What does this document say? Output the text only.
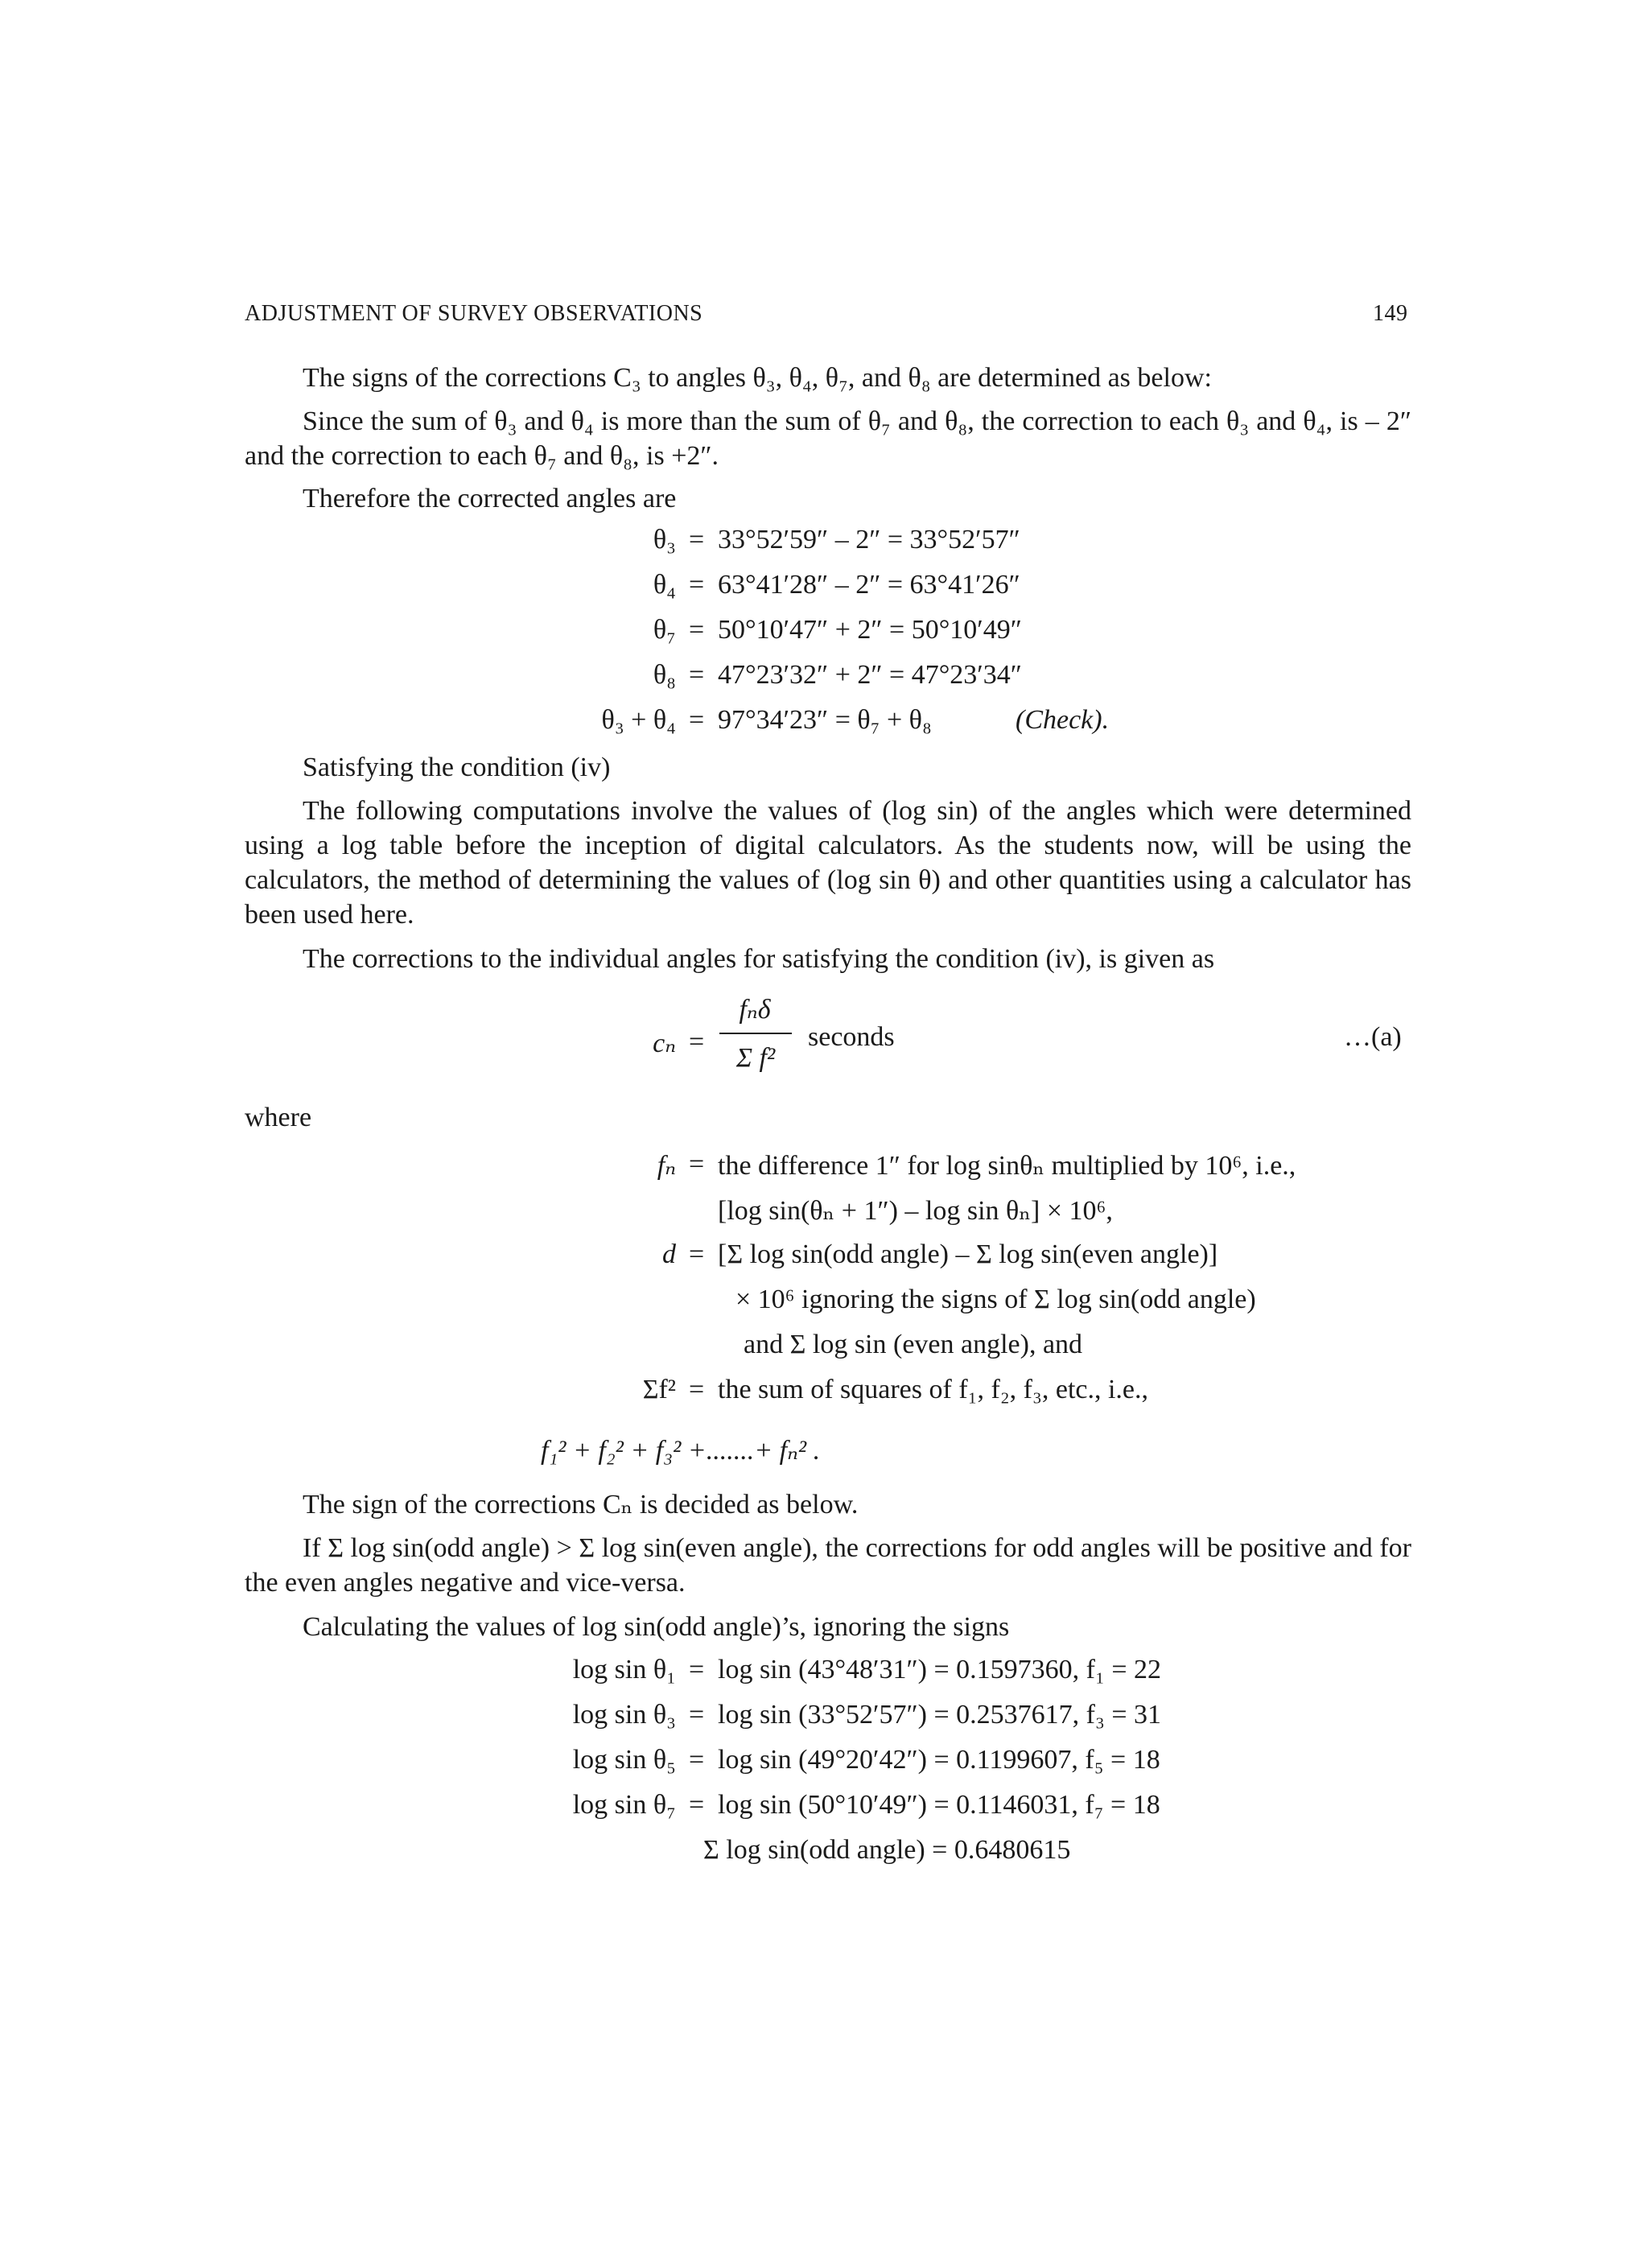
ADJUSTMENT OF SURVEY OBSERVATIONS	149
The signs of the corrections C₃ to angles θ₃, θ₄, θ₇, and θ₈ are determined as below:
Since the sum of θ₃ and θ₄ is more than the sum of θ₇ and θ₈, the correction to each θ₃ and θ₄, is – 2″ and the correction to each θ₇ and θ₈, is +2″.
Therefore the corrected angles are
θ₃ = 33°52′59″ – 2″ = 33°52′57″
θ₄ = 63°41′28″ – 2″ = 63°41′26″
θ₇ = 50°10′47″ + 2″ = 50°10′49″
θ₈ = 47°23′32″ + 2″ = 47°23′34″
θ₃ + θ₄ = 97°34′23″ = θ₇ + θ₈	(Check).
Satisfying the condition (iv)
The following computations involve the values of (log sin) of the angles which were determined using a log table before the inception of digital calculators. As the students now, will be using the calculators, the method of determining the values of (log sin θ) and other quantities using a calculator has been used here.
The corrections to the individual angles for satisfying the condition (iv), is given as
cₙ =
fₙδ
Σ f²
seconds	…(a)
where
fₙ = the difference 1″ for log sinθₙ multiplied by 10⁶, i.e.,
[log sin(θₙ + 1″) – log sin θₙ] × 10⁶,
d = [Σ log sin(odd angle) – Σ log sin(even angle)]
× 10⁶ ignoring the signs of Σ log sin(odd angle)
and Σ log sin (even angle), and
Σf² = the sum of squares of f₁, f₂, f₃, etc., i.e.,
f₁² + f₂² + f₃² +.......+ fₙ² .
The sign of the corrections Cₙ is decided as below.
If Σ log sin(odd angle) > Σ log sin(even angle), the corrections for odd angles will be positive and for the even angles negative and vice-versa.
Calculating the values of log sin(odd angle)’s, ignoring the signs
log sin θ₁ = log sin (43°48′31″) = 0.1597360, f₁ = 22
log sin θ₃ = log sin (33°52′57″) = 0.2537617, f₃ = 31
log sin θ₅ = log sin (49°20′42″) = 0.1199607, f₅ = 18
log sin θ₇ = log sin (50°10′49″) = 0.1146031, f₇ = 18
Σ log sin(odd angle) = 0.6480615
